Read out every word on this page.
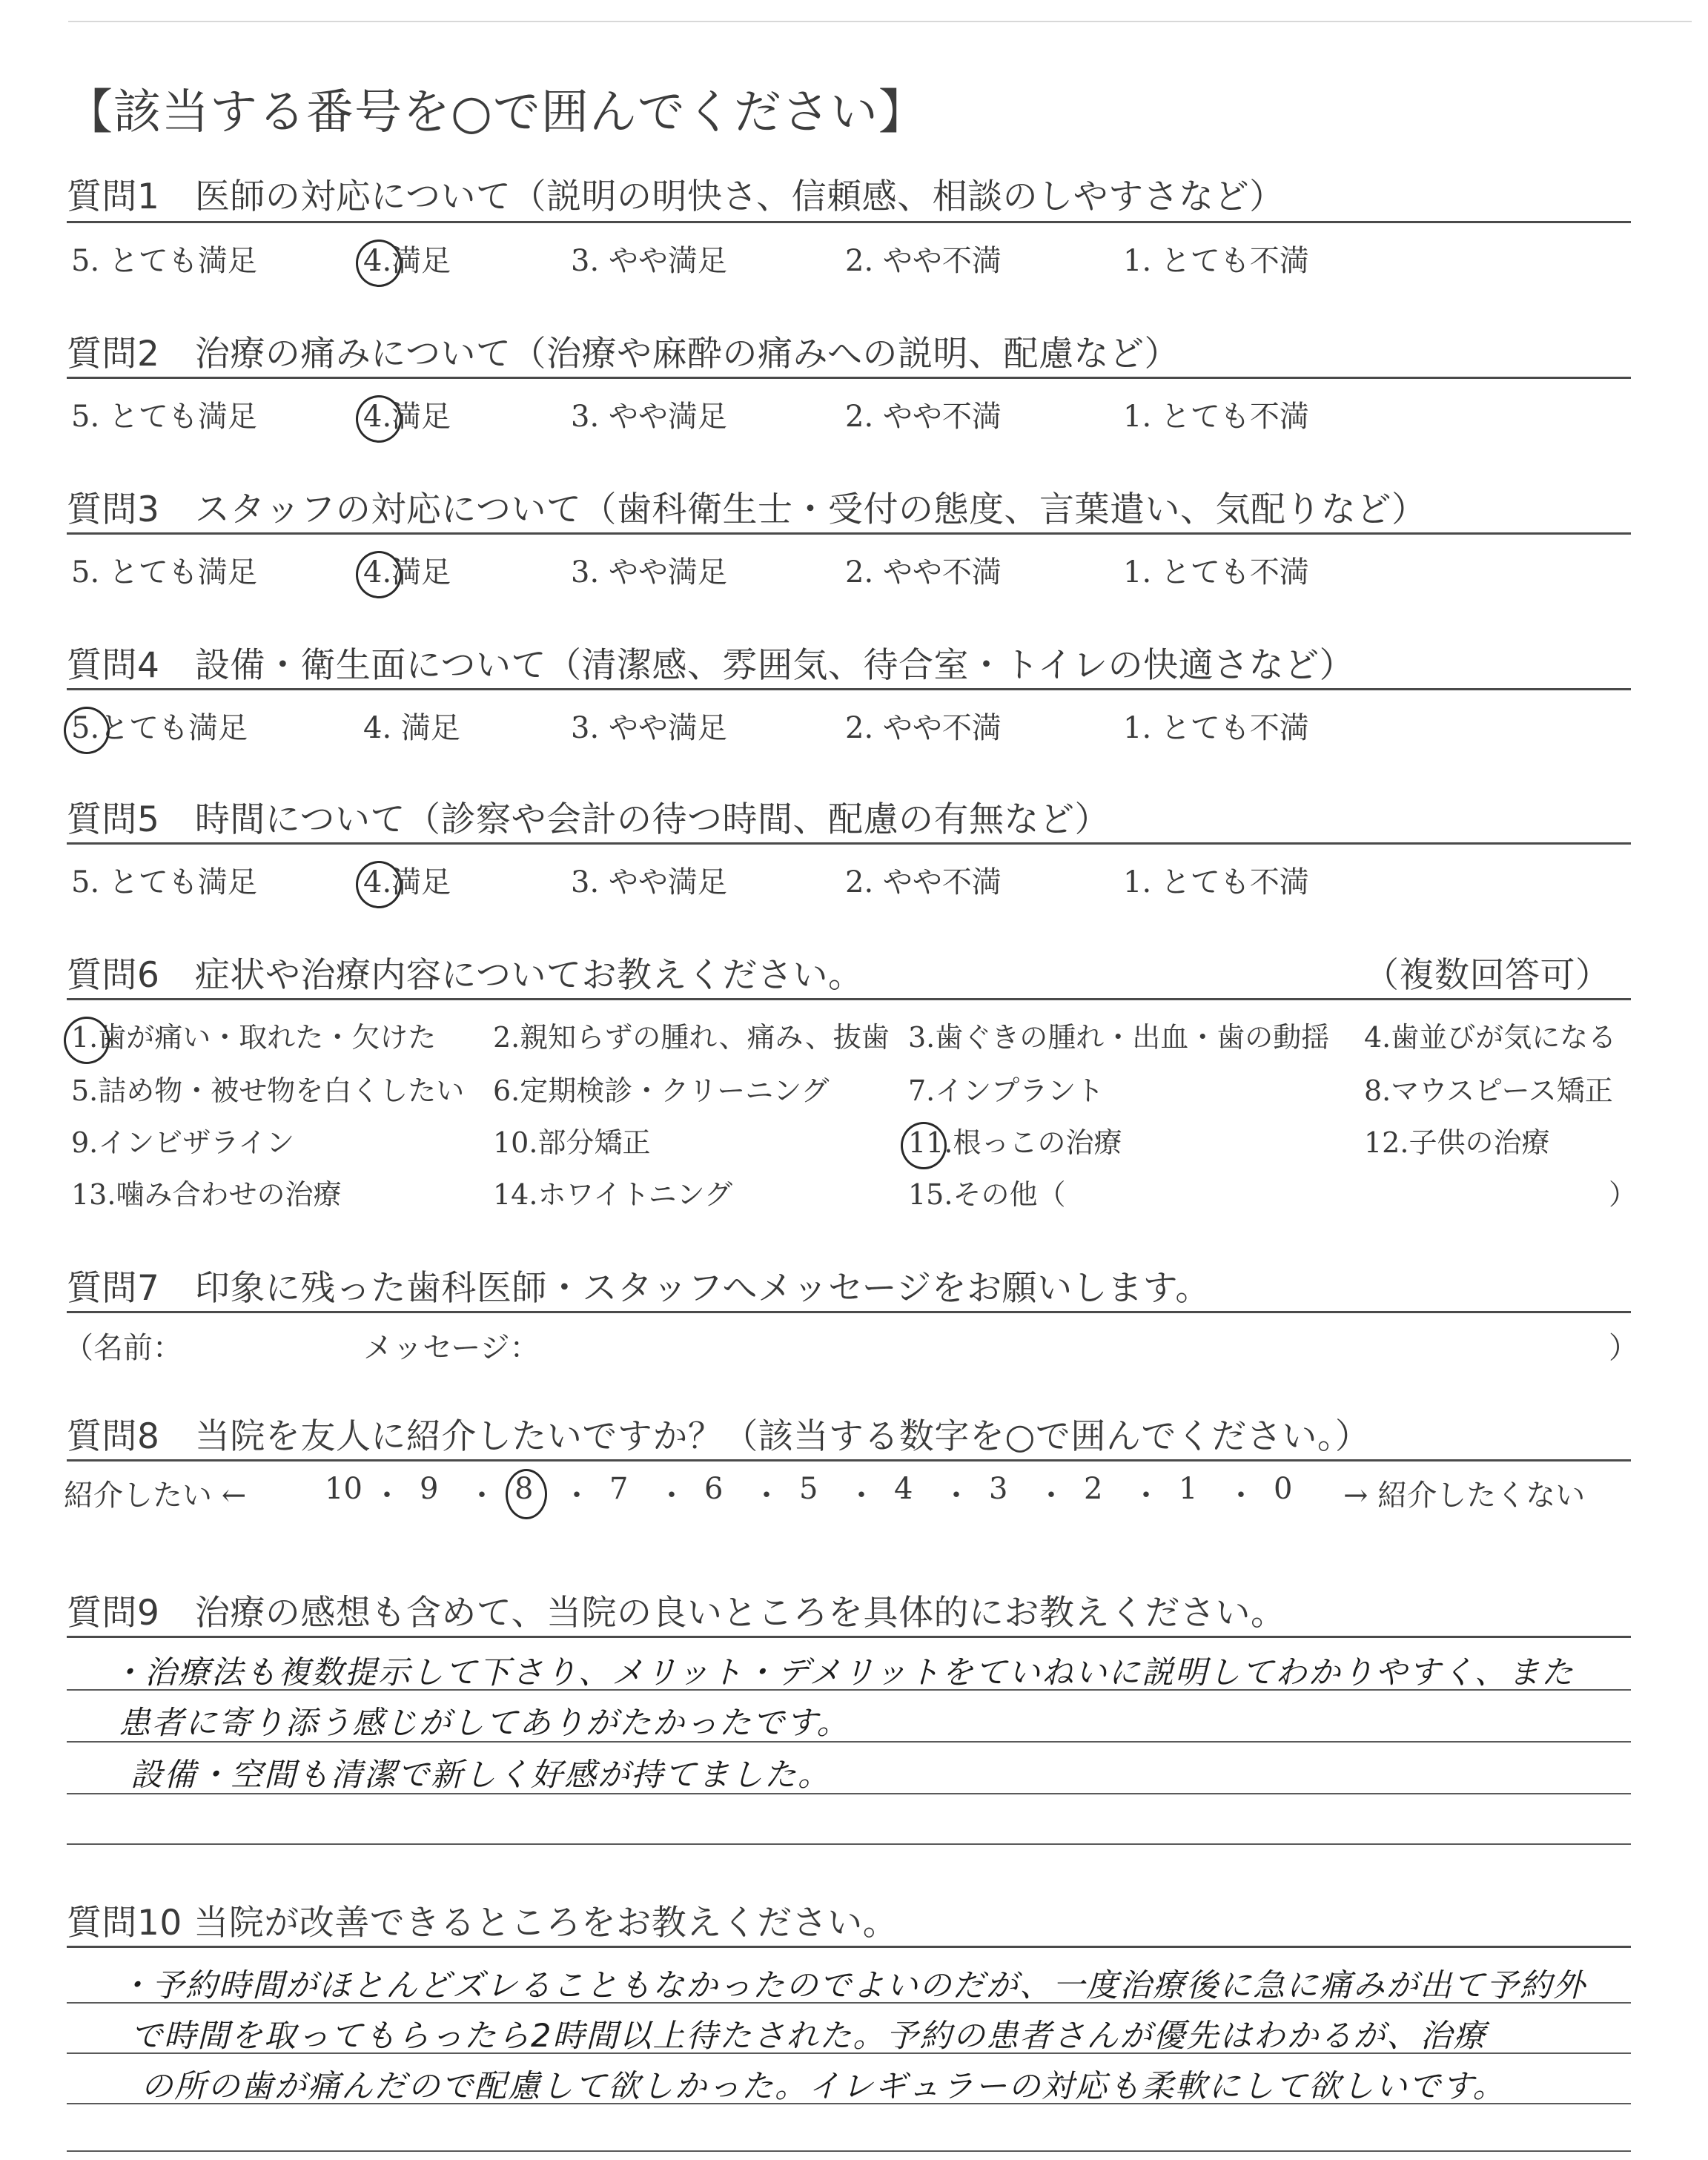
【該当する番号を○で囲んでください】
質問1　医師の対応について（説明の明快さ、信頼感、相談のしやすさなど）
5. とても満足	4.満足	3. やや満足	2. やや不満	1. とても不満
質問2　治療の痛みについて（治療や麻酔の痛みへの説明、配慮など）
5. とても満足	4.満足	3. やや満足	2. やや不満	1. とても不満
質問3　スタッフの対応について（歯科衛生士・受付の態度、言葉遣い、気配りなど）
5. とても満足	4.満足	3. やや満足	2. やや不満	1. とても不満
質問4　設備・衛生面について（清潔感、雰囲気、待合室・トイレの快適さなど）
5.とても満足	4. 満足	3. やや満足	2. やや不満	1. とても不満
質問5　時間について（診察や会計の待つ時間、配慮の有無など）
5. とても満足	4.満足	3. やや満足	2. やや不満	1. とても不満
質問6　症状や治療内容についてお教えください。	（複数回答可）
1.歯が痛い・取れた・欠けた 2.親知らずの腫れ、痛み、抜歯 3.歯ぐきの腫れ・出血・歯の動揺 4.歯並びが気になる
5.詰め物・被せ物を白くしたい 6.定期検診・クリーニング	7.インプラント	8.マウスピース矯正
9.インビザライン	10.部分矯正	11.根っこの治療	12.子供の治療
13.噛み合わせの治療	14.ホワイトニング	15.その他（	）
質問7　印象に残った歯科医師・スタッフへメッセージをお願いします。
（名前：	メッセージ：	）
質問8　当院を友人に紹介したいですか？（該当する数字を○で囲んでください。）
紹介したい ←	10 ・ 9 ・ 8 ・ 7 ・ 6 ・ 5 ・ 4 ・ 3 ・ 2 ・ 1 ・ 0 → 紹介したくない
質問9　治療の感想も含めて、当院の良いところを具体的にお教えください。
・治療法も複数提示して下さり、メリット・デメリットをていねいに説明してわかりやすく、また
患者に寄り添う感じがしてありがたかったです。
設備・空間も清潔で新しく好感が持てました。
質問10 当院が改善できるところをお教えください。
・予約時間がほとんどズレることもなかったのでよいのだが、一度治療後に急に痛みが出て予約外
で時間を取ってもらったら2時間以上待たされた。予約の患者さんが優先はわかるが、治療
の所の歯が痛んだので配慮して欲しかった。イレギュラーの対応も柔軟にして欲しいです。
